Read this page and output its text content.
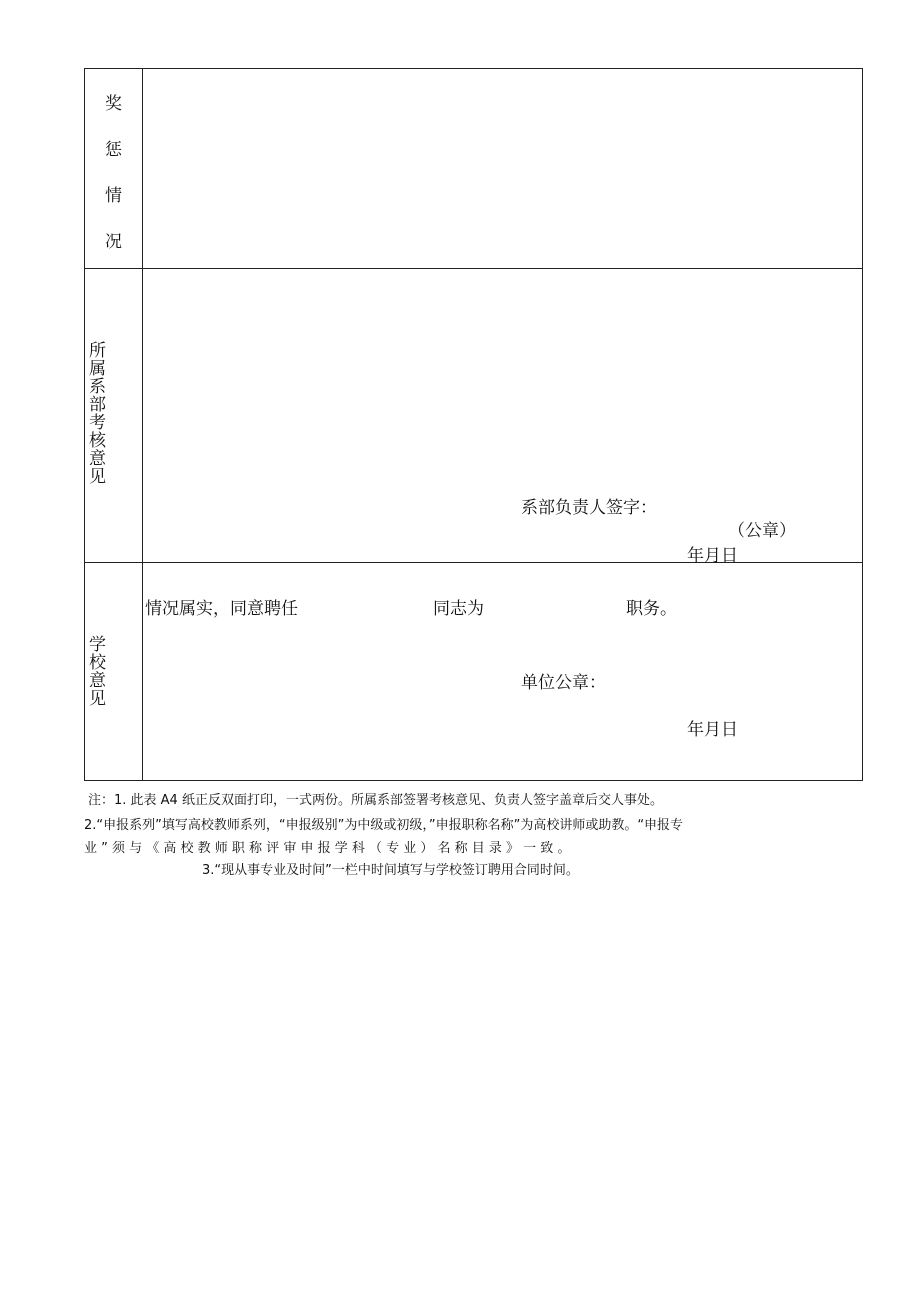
奖惩情况
所属系部考核意见
系部负责人签字：
（公章）
年月日
学校意见
情况属实，同意聘任	同志为	职务。
单位公章：
年月日
注：1. 此表 A4 纸正反双面打印，一式两份。所属系部签署考核意见、负责人签字盖章后交人事处。
2.“申报系列”填写高校教师系列，“申报级别”为中级或初级，”申报职称名称”为高校讲师或助教。“申报专
业 ” 须 与 《 高 校 教 师 职 称 评 审 申 报 学 科 （ 专 业 ） 名 称 目 录 》 一 致 。
3.“现从事专业及时间”一栏中时间填写与学校签订聘用合同时间。
